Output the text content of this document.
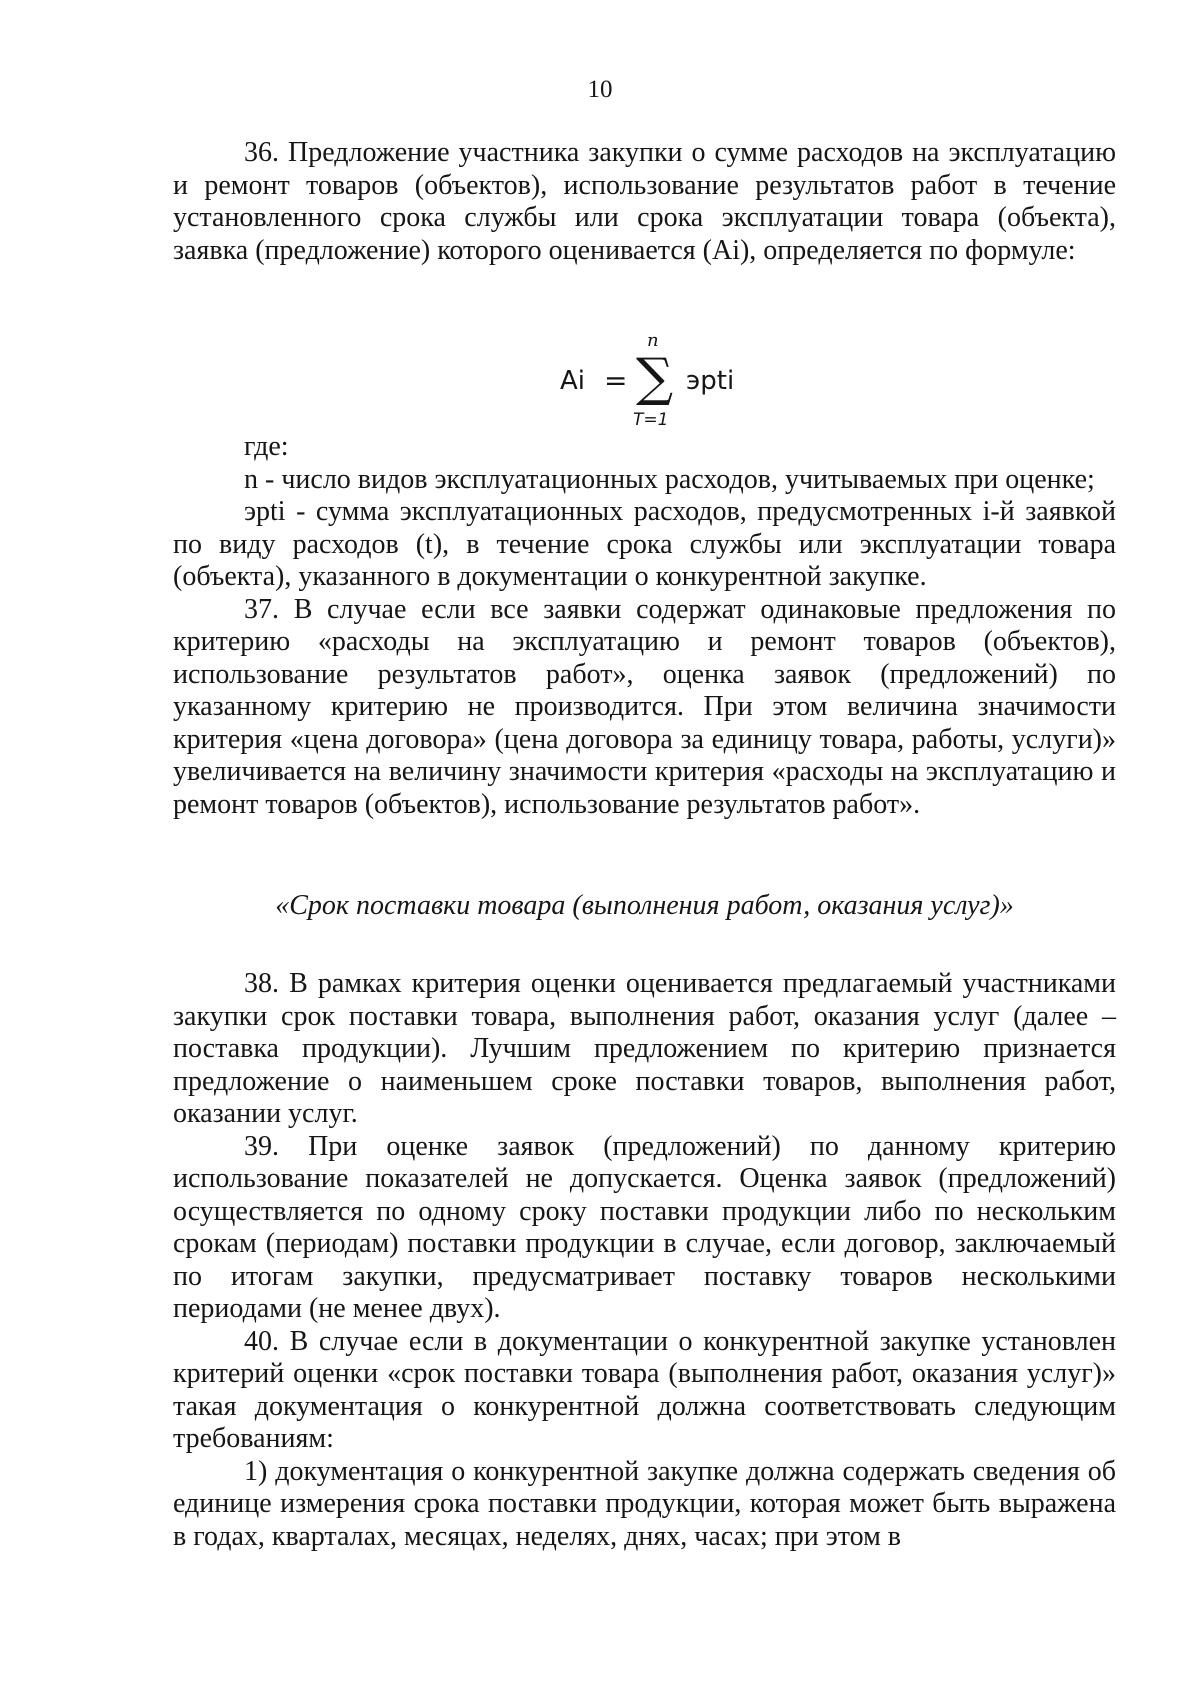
10

36. Предложение участника закупки о сумме расходов на эксплуатацию и ремонт товаров (объектов), использование результатов работ в течение установленного срока службы или срока эксплуатации товара (объекта), заявка (предложение) которого оценивается (Ai), определяется по формуле:

n
Ai = ∑ эpti
T=1

где:

n - число видов эксплуатационных расходов, учитываемых при оценке;

эpti - сумма эксплуатационных расходов, предусмотренных i-й заявкой по виду расходов (t), в течение срока службы или эксплуатации товара (объекта), указанного в документации о конкурентной закупке.

37. В случае если все заявки содержат одинаковые предложения по критерию «расходы на эксплуатацию и ремонт товаров (объектов), использование результатов работ», оценка заявок (предложений) по указанному критерию не производится. При этом величина значимости критерия «цена договора» (цена договора за единицу товара, работы, услуги)» увеличивается на величину значимости критерия «расходы на эксплуатацию и ремонт товаров (объектов), использование результатов работ».

«Срок поставки товара (выполнения работ, оказания услуг)»

38. В рамках критерия оценки оценивается предлагаемый участниками закупки срок поставки товара, выполнения работ, оказания услуг (далее – поставка продукции). Лучшим предложением по критерию признается предложение о наименьшем сроке поставки товаров, выполнения работ, оказании услуг.

39. При оценке заявок (предложений) по данному критерию использование показателей не допускается. Оценка заявок (предложений) осуществляется по одному сроку поставки продукции либо по нескольким срокам (периодам) поставки продукции в случае, если договор, заключаемый по итогам закупки, предусматривает поставку товаров несколькими периодами (не менее двух).

40. В случае если в документации о конкурентной закупке установлен критерий оценки «срок поставки товара (выполнения работ, оказания услуг)» такая документация о конкурентной должна соответствовать следующим требованиям:

1) документация о конкурентной закупке должна содержать сведения об единице измерения срока поставки продукции, которая может быть выражена в годах, кварталах, месяцах, неделях, днях, часах; при этом в
